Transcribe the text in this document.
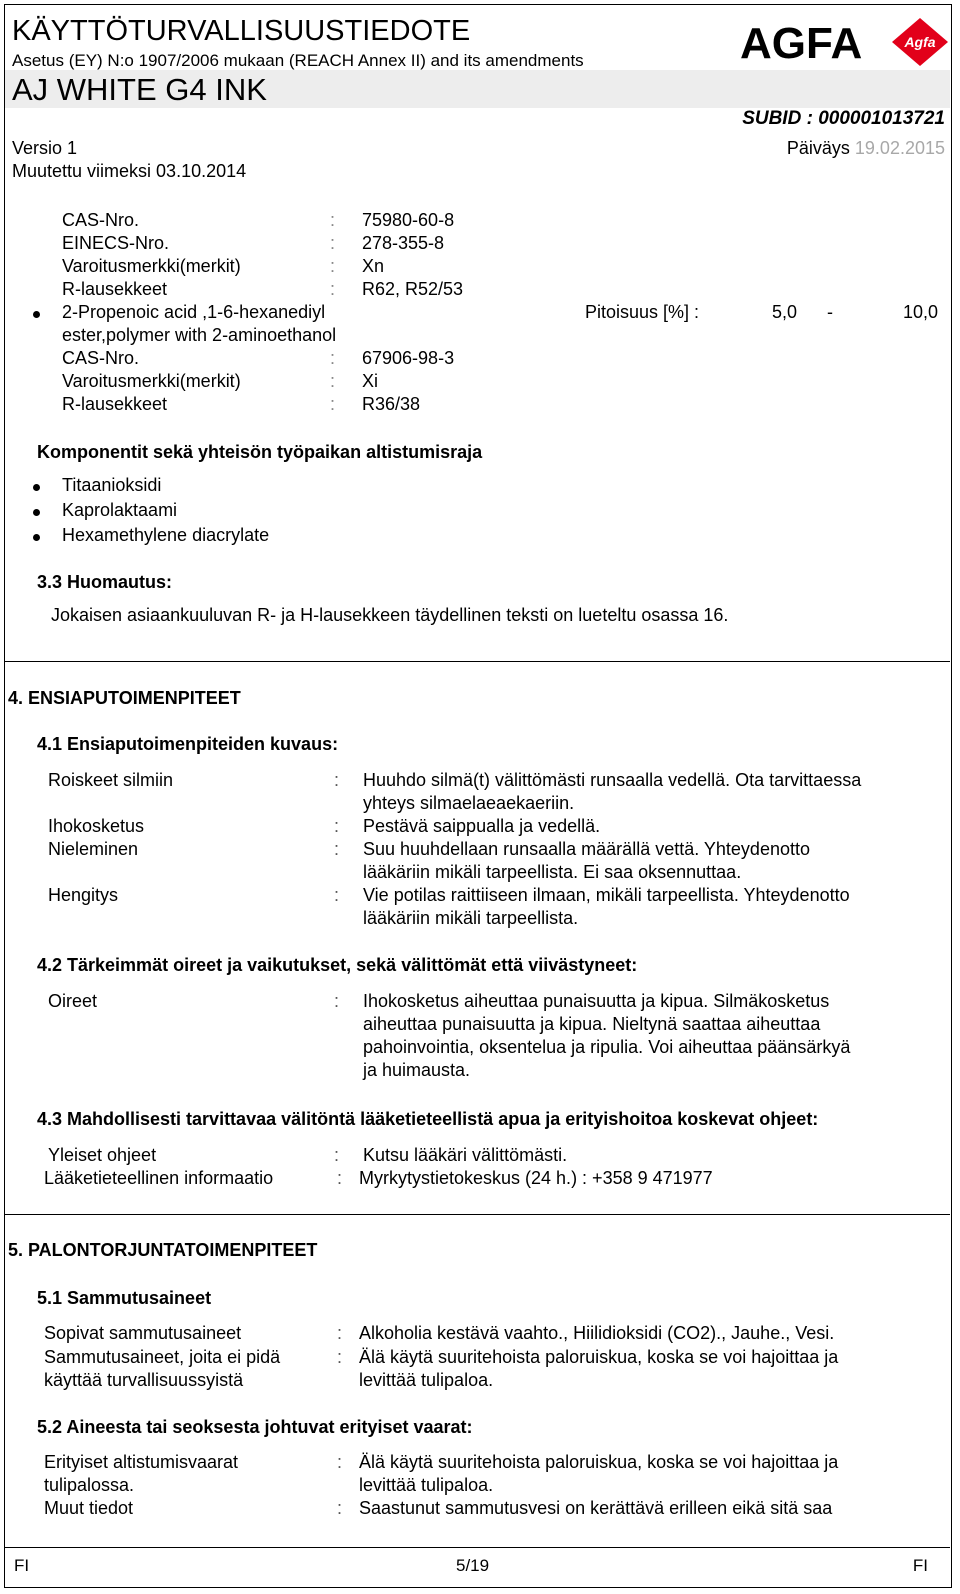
KÄYTTÖTURVALLISUUSTIEDOTE
Asetus (EY) N:o 1907/2006 mukaan (REACH Annex II) and its amendments
AJ WHITE G4 INK
AGFA	Agfa
SUBID : 000001013721
Versio 1
Muutettu viimeksi 03.10.2014
Päiväys 19.02.2015
CAS-Nro.	: 75980-60-8
EINECS-Nro.	: 278-355-8
Varoitusmerkki(merkit)	: Xn
R-lausekkeet	: R62, R52/53
2-Propenoic acid ,1-6-hexanediyl
ester,polymer with 2-aminoethanol
Pitoisuus [%] :	5,0 -	10,0
CAS-Nro.	: 67906-98-3
Varoitusmerkki(merkit)	: Xi
R-lausekkeet	: R36/38
Komponentit sekä yhteisön työpaikan altistumisraja
Titaanioksidi
Kaprolaktaami
Hexamethylene diacrylate
3.3 Huomautus:
Jokaisen asiaankuuluvan R- ja H-lausekkeen täydellinen teksti on lueteltu osassa 16.
4. ENSIAPUTOIMENPITEET
4.1 Ensiaputoimenpiteiden kuvaus:
Roiskeet silmiin	: Huuhdo silmä(t) välittömästi runsaalla vedellä. Ota tarvittaessa
yhteys silmaelaeaekaeriin.
Ihokosketus	: Pestävä saippualla ja vedellä.
Nieleminen	: Suu huuhdellaan runsaalla määrällä vettä. Yhteydenotto
lääkäriin mikäli tarpeellista. Ei saa oksennuttaa.
Hengitys	: Vie potilas raittiiseen ilmaan, mikäli tarpeellista. Yhteydenotto
lääkäriin mikäli tarpeellista.
4.2 Tärkeimmät oireet ja vaikutukset, sekä välittömät että viivästyneet:
Oireet	: Ihokosketus aiheuttaa punaisuutta ja kipua. Silmäkosketus
aiheuttaa punaisuutta ja kipua. Nieltynä saattaa aiheuttaa
pahoinvointia, oksentelua ja ripulia. Voi aiheuttaa päänsärkyä
ja huimausta.
4.3 Mahdollisesti tarvittavaa välitöntä lääketieteellistä apua ja erityishoitoa koskevat ohjeet:
Yleiset ohjeet	: Kutsu lääkäri välittömästi.
Lääketieteellinen informaatio	: Myrkytystietokeskus (24 h.) : +358 9 471977
5. PALONTORJUNTATOIMENPITEET
5.1 Sammutusaineet
Sopivat sammutusaineet	: Alkoholia kestävä vaahto., Hiilidioksidi (CO2)., Jauhe., Vesi.
Sammutusaineet, joita ei pidä
käyttää turvallisuussyistä
: Älä käytä suuritehoista paloruiskua, koska se voi hajoittaa ja
levittää tulipaloa.
5.2 Aineesta tai seoksesta johtuvat erityiset vaarat:
Erityiset altistumisvaarat
tulipalossa.
: Älä käytä suuritehoista paloruiskua, koska se voi hajoittaa ja
levittää tulipaloa.
Muut tiedot	: Saastunut sammutusvesi on kerättävä erilleen eikä sitä saa
FI	5/19	FI
